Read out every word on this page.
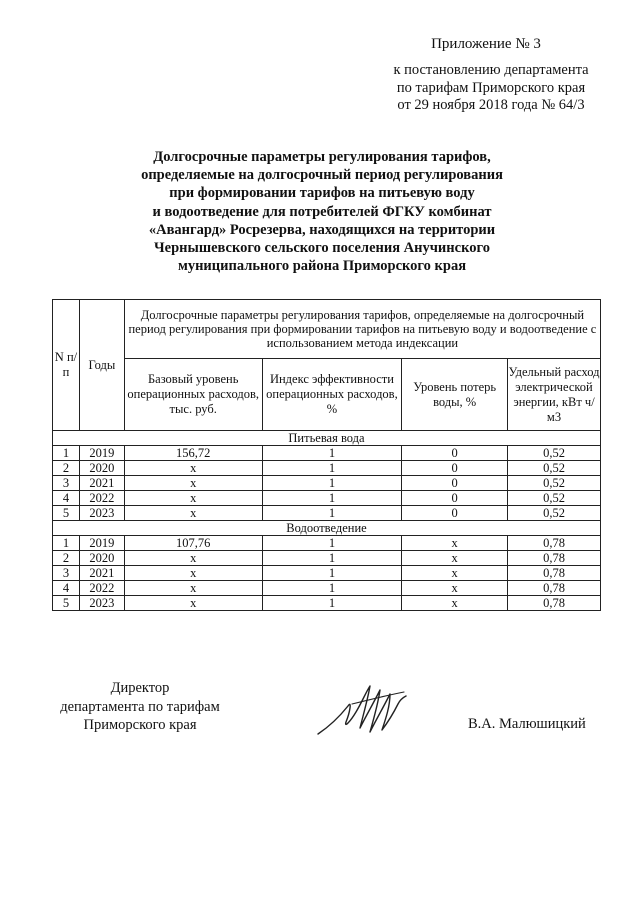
Приложение № 3
к постановлению департамента
по тарифам Приморского края
от 29 ноября 2018 года № 64/3
Долгосрочные параметры регулирования тарифов,
определяемые на долгосрочный период регулирования
при формировании тарифов на питьевую воду
и водоотведение для потребителей ФГКУ комбинат
«Авангард» Росрезерва, находящихся на территории
Чернышевского сельского поселения Анучинского
муниципального района Приморского края
N п/п	Годы	Долгосрочные параметры регулирования тарифов, определяемые на долгосрочный период регулирования при формировании тарифов на питьевую воду и водоотведение с использованием метода индексации			
		Базовый уровень операционных расходов, тыс. руб.	Индекс эффективности операционных расходов, %	Уровень потерь воды, %	Удельный расход электрической энергии, кВт ч/м3
Питьевая вода					
1	2019	156,72	1	0	0,52
2	2020	х	1	0	0,52
3	2021	х	1	0	0,52
4	2022	х	1	0	0,52
5	2023	х	1	0	0,52
Водоотведение					
1	2019	107,76	1	х	0,78
2	2020	х	1	х	0,78
3	2021	х	1	х	0,78
4	2022	х	1	х	0,78
5	2023	х	1	х	0,78
Директор
департамента по тарифам
Приморского края	В.А. Малюшицкий
